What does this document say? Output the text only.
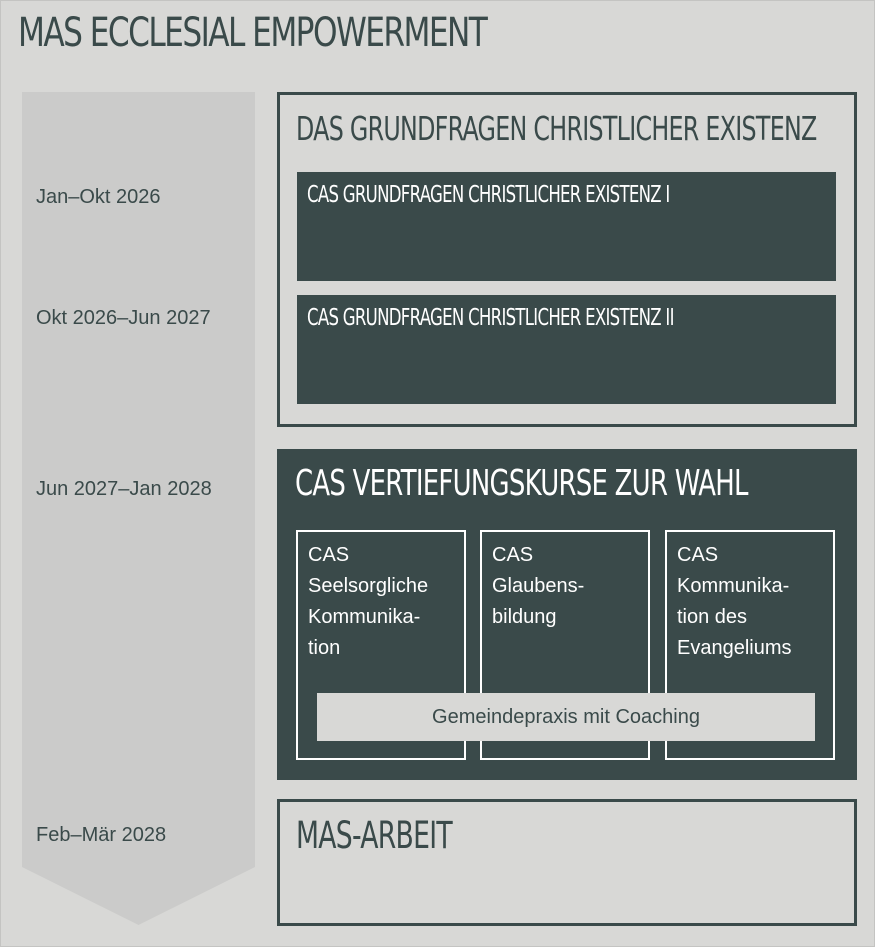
MAS ECCLESIAL EMPOWERMENT
Jan–Okt 2026
Okt 2026–Jun 2027
Jun 2027–Jan 2028
Feb–Mär 2028
DAS GRUNDFRAGEN CHRISTLICHER EXISTENZ
CAS GRUNDFRAGEN CHRISTLICHER EXISTENZ I
CAS GRUNDFRAGEN CHRISTLICHER EXISTENZ II
CAS VERTIEFUNGSKURSE ZUR WAHL
CAS
Seelsorgliche
Kommunika-
tion
CAS
Glaubens-
bildung
CAS
Kommunika-
tion des
Evangeliums
Gemeindepraxis mit Coaching
MAS-ARBEIT
